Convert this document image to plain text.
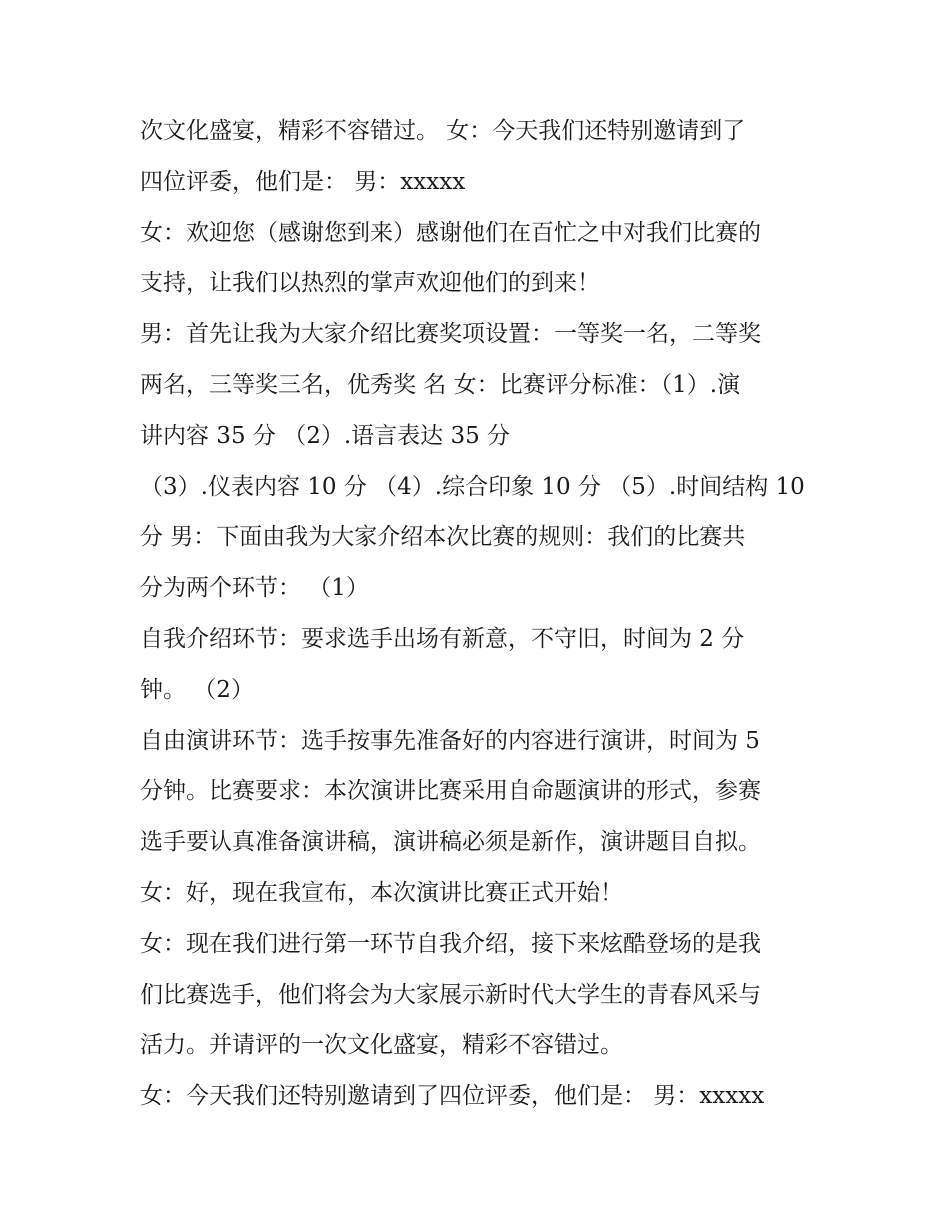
次文化盛宴，精彩不容错过。 女：今天我们还特别邀请到了
四位评委，他们是： 男：xxxxx
女：欢迎您（感谢您到来）感谢他们在百忙之中对我们比赛的
支持，让我们以热烈的掌声欢迎他们的到来！
男：首先让我为大家介绍比赛奖项设置：一等奖一名，二等奖
两名，三等奖三名，优秀奖 名 女：比赛评分标准：（1）.演
讲内容 35 分 （2）.语言表达 35 分
（3）.仪表内容 10 分 （4）.综合印象 10 分 （5）.时间结构 10
分 男：下面由我为大家介绍本次比赛的规则：我们的比赛共
分为两个环节： （1）
自我介绍环节：要求选手出场有新意，不守旧，时间为 2 分
钟。 （2）
自由演讲环节：选手按事先准备好的内容进行演讲，时间为 5
分钟。比赛要求：本次演讲比赛采用自命题演讲的形式，参赛
选手要认真准备演讲稿，演讲稿必须是新作，演讲题目自拟。
女：好，现在我宣布，本次演讲比赛正式开始！
女：现在我们进行第一环节自我介绍，接下来炫酷登场的是我
们比赛选手，他们将会为大家展示新时代大学生的青春风采与
活力。并请评的一次文化盛宴，精彩不容错过。
女：今天我们还特别邀请到了四位评委，他们是： 男：xxxxx
